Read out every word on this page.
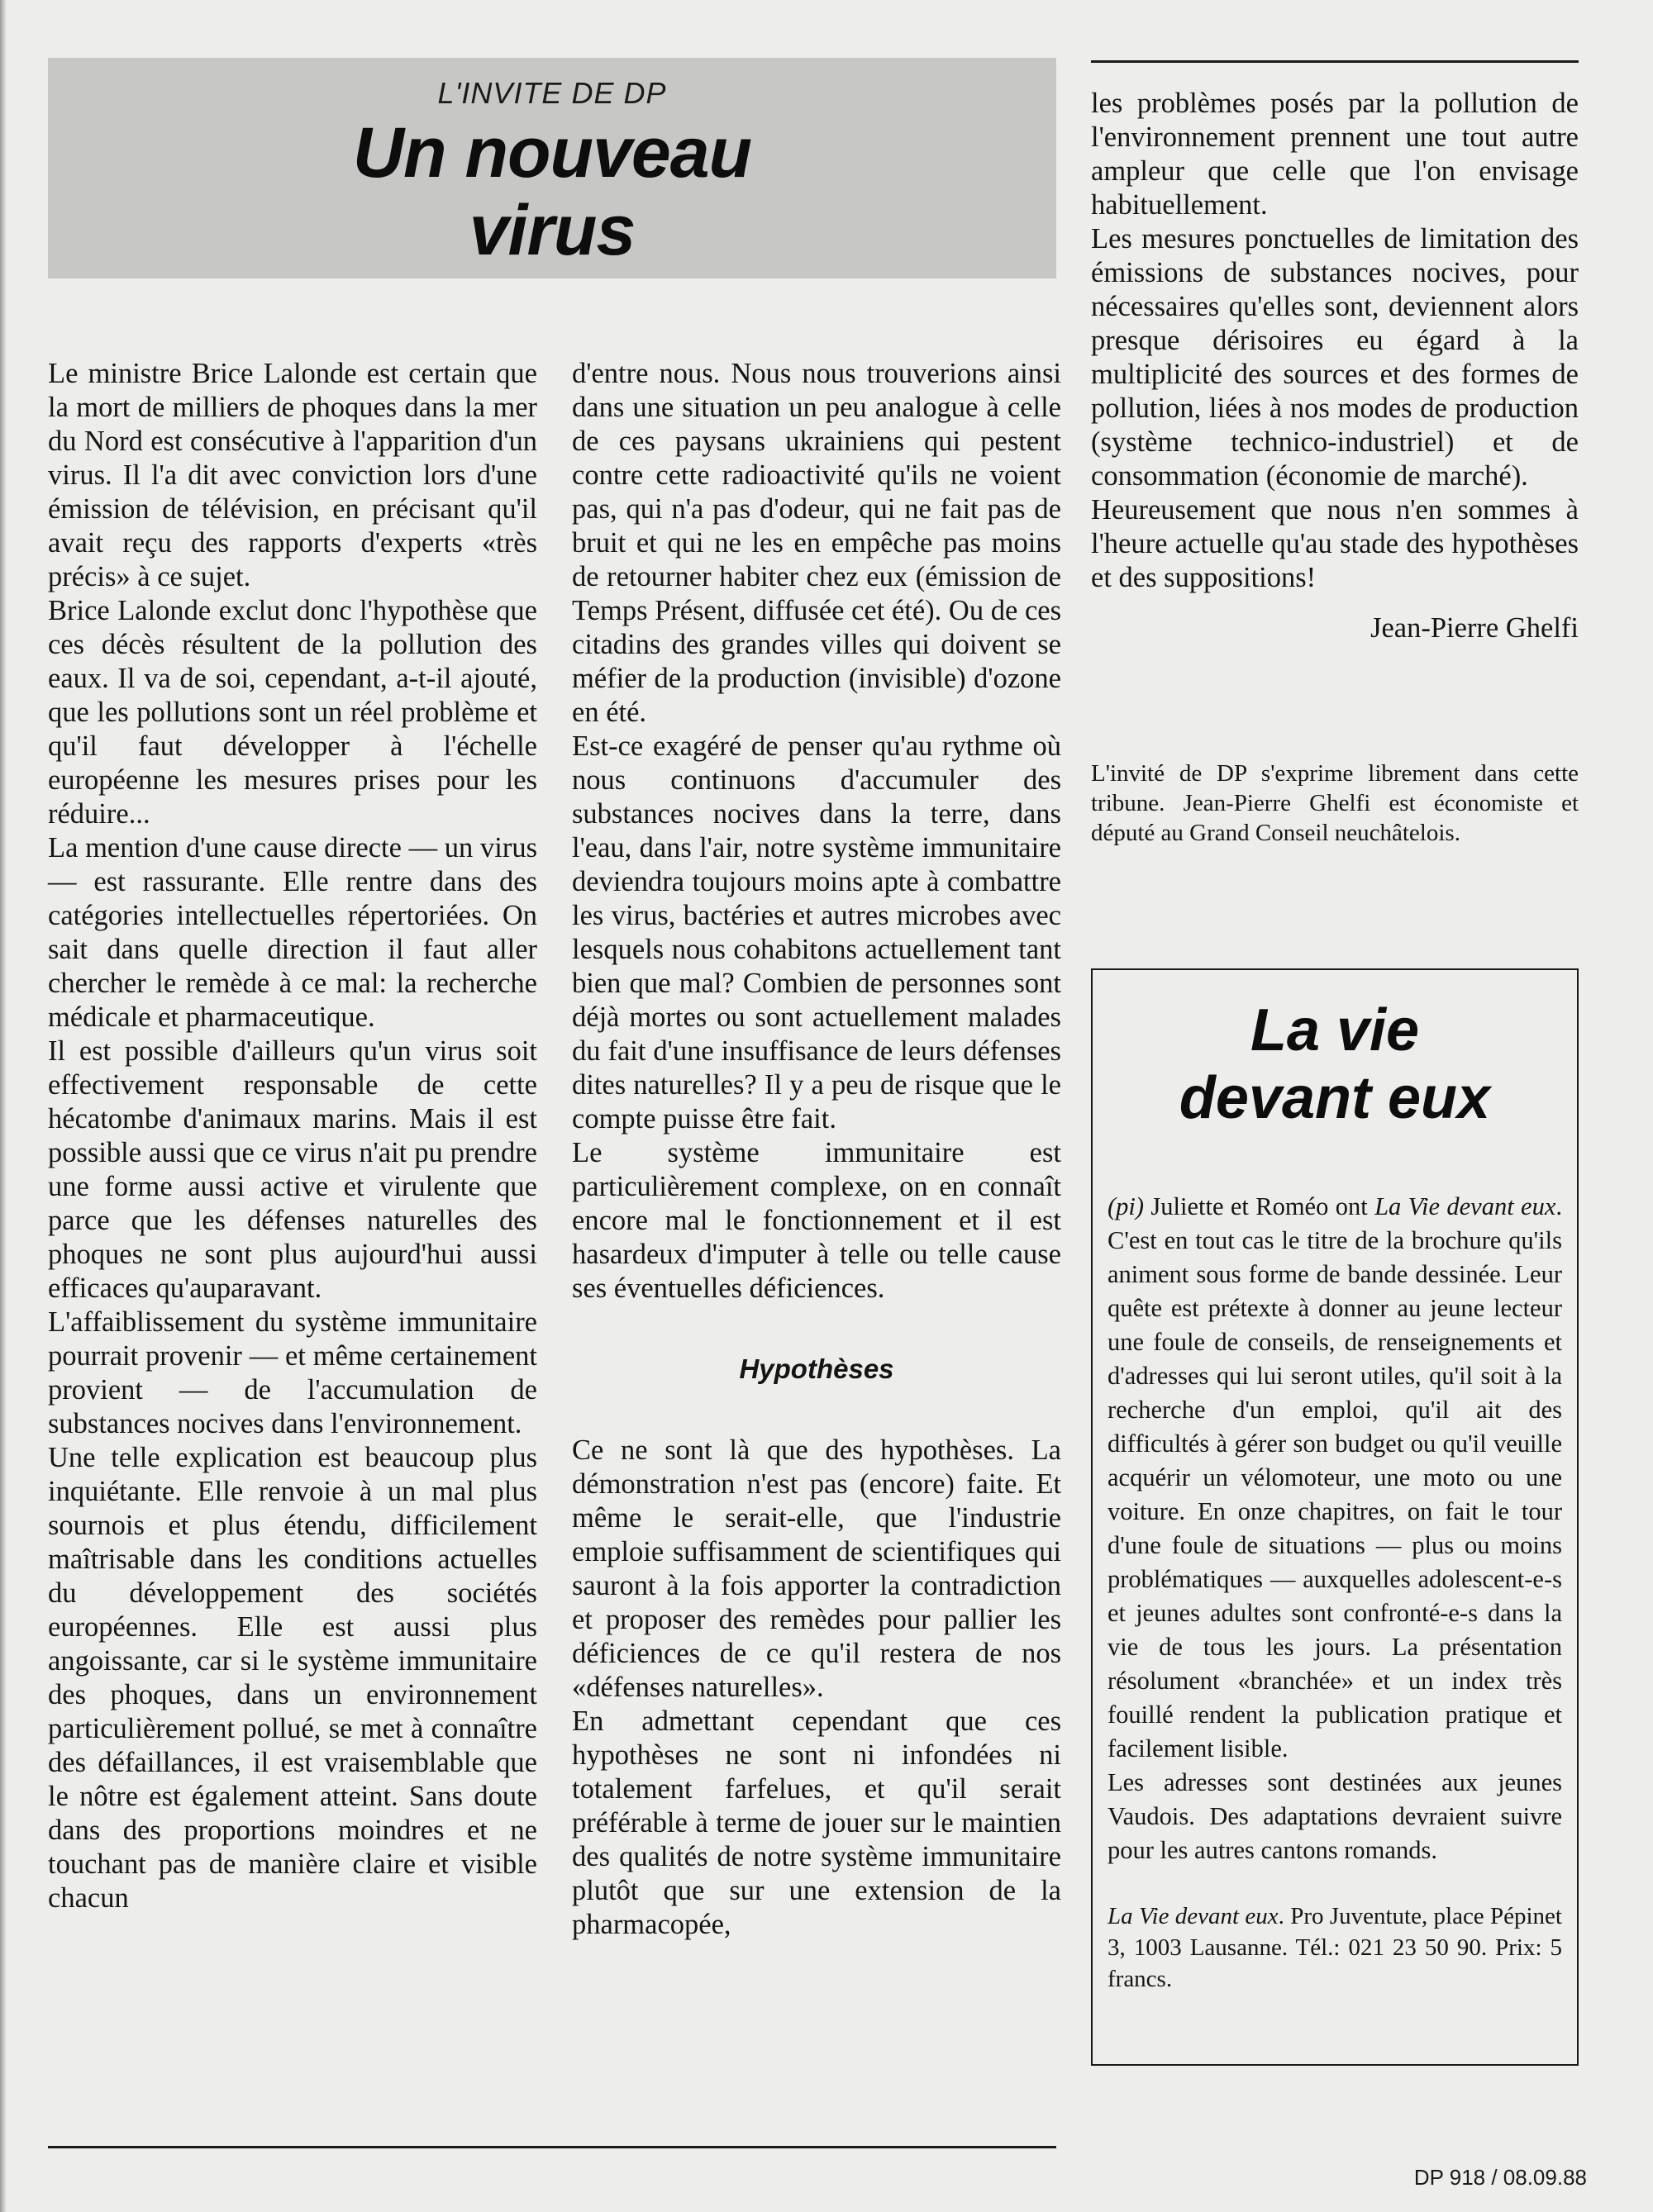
L'INVITE DE DP
Un nouveau
virus

Le ministre Brice Lalonde est certain que la mort de milliers de phoques dans la mer du Nord est consécutive à l'apparition d'un virus. Il l'a dit avec conviction lors d'une émission de télévision, en précisant qu'il avait reçu des rapports d'experts «très précis» à ce sujet.

Brice Lalonde exclut donc l'hypothèse que ces décès résultent de la pollution des eaux. Il va de soi, cependant, a-t-il ajouté, que les pollutions sont un réel problème et qu'il faut développer à l'échelle européenne les mesures prises pour les réduire...

La mention d'une cause directe — un virus — est rassurante. Elle rentre dans des catégories intellectuelles répertoriées. On sait dans quelle direction il faut aller chercher le remède à ce mal: la recherche médicale et pharmaceutique.

Il est possible d'ailleurs qu'un virus soit effectivement responsable de cette hécatombe d'animaux marins. Mais il est possible aussi que ce virus n'ait pu prendre une forme aussi active et virulente que parce que les défenses naturelles des phoques ne sont plus aujourd'hui aussi efficaces qu'auparavant.

L'affaiblissement du système immunitaire pourrait provenir — et même certainement provient — de l'accumulation de substances nocives dans l'environnement.

Une telle explication est beaucoup plus inquiétante. Elle renvoie à un mal plus sournois et plus étendu, difficilement maîtrisable dans les conditions actuelles du développement des sociétés européennes. Elle est aussi plus angoissante, car si le système immunitaire des phoques, dans un environnement particulièrement pollué, se met à connaître des défaillances, il est vraisemblable que le nôtre est également atteint. Sans doute dans des proportions moindres et ne touchant pas de manière claire et visible chacun

d'entre nous. Nous nous trouverions ainsi dans une situation un peu analogue à celle de ces paysans ukrainiens qui pestent contre cette radioactivité qu'ils ne voient pas, qui n'a pas d'odeur, qui ne fait pas de bruit et qui ne les en empêche pas moins de retourner habiter chez eux (émission de Temps Présent, diffusée cet été). Ou de ces citadins des grandes villes qui doivent se méfier de la production (invisible) d'ozone en été.

Est-ce exagéré de penser qu'au rythme où nous continuons d'accumuler des substances nocives dans la terre, dans l'eau, dans l'air, notre système immunitaire deviendra toujours moins apte à combattre les virus, bactéries et autres microbes avec lesquels nous cohabitons actuellement tant bien que mal? Combien de personnes sont déjà mortes ou sont actuellement malades du fait d'une insuffisance de leurs défenses dites naturelles? Il y a peu de risque que le compte puisse être fait.

Le système immunitaire est particulièrement complexe, on en connaît encore mal le fonctionnement et il est hasardeux d'imputer à telle ou telle cause ses éventuelles déficiences.

Hypothèses

Ce ne sont là que des hypothèses. La démonstration n'est pas (encore) faite. Et même le serait-elle, que l'industrie emploie suffisamment de scientifiques qui sauront à la fois apporter la contradiction et proposer des remèdes pour pallier les déficiences de ce qu'il restera de nos «défenses naturelles».

En admettant cependant que ces hypothèses ne sont ni infondées ni totalement farfelues, et qu'il serait préférable à terme de jouer sur le maintien des qualités de notre système immunitaire plutôt que sur une extension de la pharmacopée,

les problèmes posés par la pollution de l'environnement prennent une tout autre ampleur que celle que l'on envisage habituellement.

Les mesures ponctuelles de limitation des émissions de substances nocives, pour nécessaires qu'elles sont, deviennent alors presque dérisoires eu égard à la multiplicité des sources et des formes de pollution, liées à nos modes de production (système technico-industriel) et de consommation (économie de marché).

Heureusement que nous n'en sommes à l'heure actuelle qu'au stade des hypothèses et des suppositions!

Jean-Pierre Ghelfi

L'invité de DP s'exprime librement dans cette tribune. Jean-Pierre Ghelfi est économiste et député au Grand Conseil neuchâtelois.
La vie
devant eux

(pi) Juliette et Roméo ont La Vie devant eux. C'est en tout cas le titre de la brochure qu'ils animent sous forme de bande dessinée. Leur quête est prétexte à donner au jeune lecteur une foule de conseils, de renseignements et d'adresses qui lui seront utiles, qu'il soit à la recherche d'un emploi, qu'il ait des difficultés à gérer son budget ou qu'il veuille acquérir un vélomoteur, une moto ou une voiture. En onze chapitres, on fait le tour d'une foule de situations — plus ou moins problématiques — auxquelles adolescent-e-s et jeunes adultes sont confronté-e-s dans la vie de tous les jours. La présentation résolument «branchée» et un index très fouillé rendent la publication pratique et facilement lisible.

Les adresses sont destinées aux jeunes Vaudois. Des adaptations devraient suivre pour les autres cantons romands.

La Vie devant eux. Pro Juventute, place Pépinet 3, 1003 Lausanne. Tél.: 021 23 50 90. Prix: 5 francs.
DP 918 / 08.09.88
